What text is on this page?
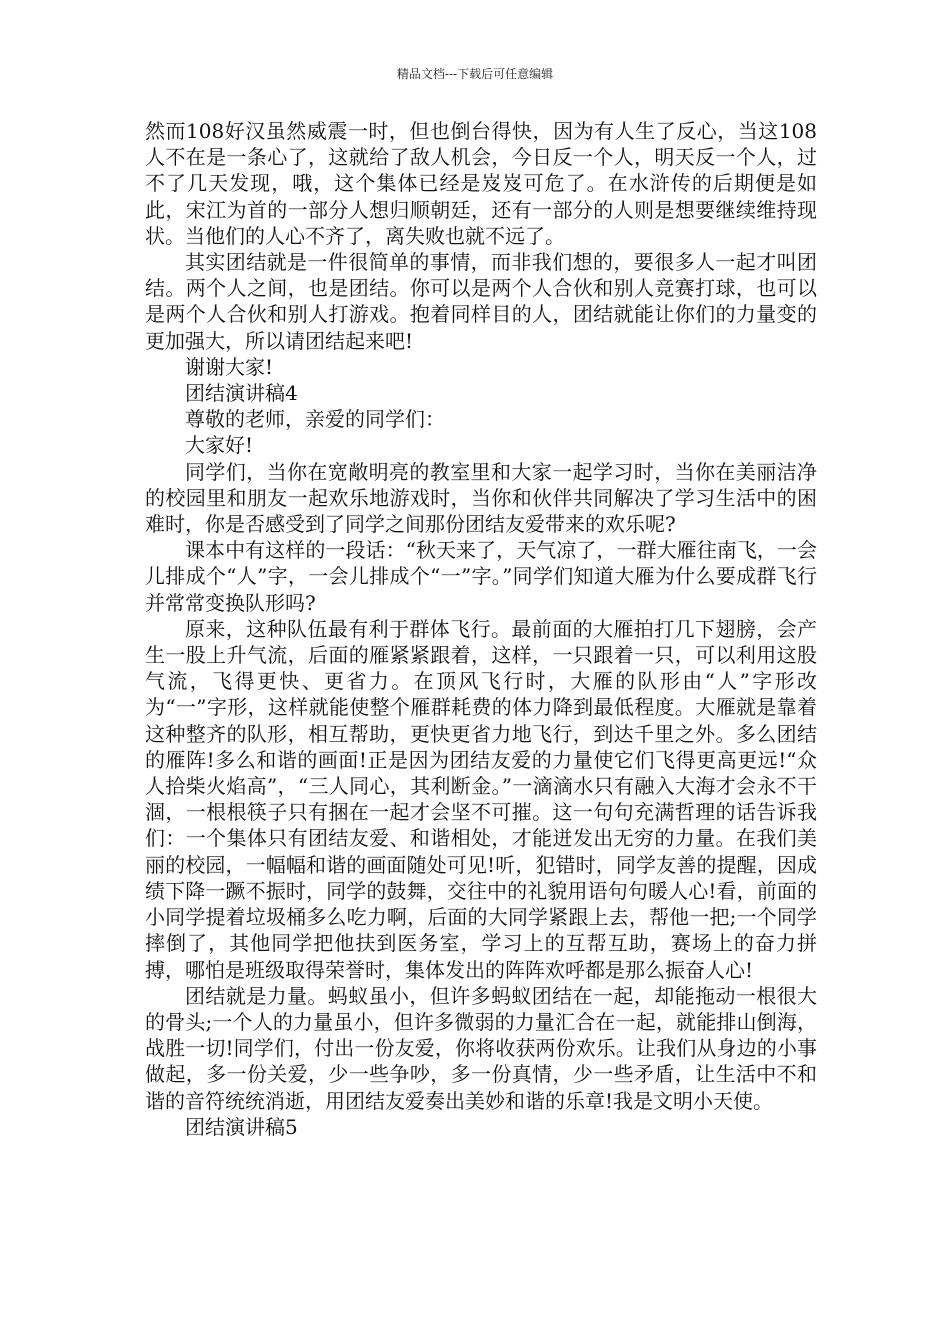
精品文档---下载后可任意编辑

然而108好汉虽然威震一时，但也倒台得快，因为有人生了反心，当这108人不在是一条心了，这就给了敌人机会，今日反一个人，明天反一个人，过不了几天发现，哦，这个集体已经是岌岌可危了。在水浒传的后期便是如此，宋江为首的一部分人想归顺朝廷，还有一部分的人则是想要继续维持现状。当他们的人心不齐了，离失败也就不远了。

其实团结就是一件很简单的事情，而非我们想的，要很多人一起才叫团结。两个人之间，也是团结。你可以是两个人合伙和别人竞赛打球，也可以是两个人合伙和别人打游戏。抱着同样目的人，团结就能让你们的力量变的更加强大，所以请团结起来吧!

谢谢大家!

团结演讲稿4

尊敬的老师，亲爱的同学们：

大家好!

同学们，当你在宽敞明亮的教室里和大家一起学习时，当你在美丽洁净的校园里和朋友一起欢乐地游戏时，当你和伙伴共同解决了学习生活中的困难时，你是否感受到了同学之间那份团结友爱带来的欢乐呢?

课本中有这样的一段话：“秋天来了，天气凉了，一群大雁往南飞，一会儿排成个“人”字，一会儿排成个“一”字。”同学们知道大雁为什么要成群飞行并常常变换队形吗?

原来，这种队伍最有利于群体飞行。最前面的大雁拍打几下翅膀，会产生一股上升气流，后面的雁紧紧跟着，这样，一只跟着一只，可以利用这股气流，飞得更快、更省力。在顶风飞行时，大雁的队形由“人”字形改为“一”字形，这样就能使整个雁群耗费的体力降到最低程度。大雁就是靠着这种整齐的队形，相互帮助，更快更省力地飞行，到达千里之外。多么团结的雁阵!多么和谐的画面!正是因为团结友爱的力量使它们飞得更高更远!“众人拾柴火焰高”，“三人同心，其利断金。”一滴滴水只有融入大海才会永不干涸，一根根筷子只有捆在一起才会坚不可摧。这一句句充满哲理的话告诉我们：一个集体只有团结友爱、和谐相处，才能迸发出无穷的力量。在我们美丽的校园，一幅幅和谐的画面随处可见!听，犯错时，同学友善的提醒，因成绩下降一蹶不振时，同学的鼓舞，交往中的礼貌用语句句暖人心!看，前面的小同学提着垃圾桶多么吃力啊，后面的大同学紧跟上去，帮他一把;一个同学摔倒了，其他同学把他扶到医务室，学习上的互帮互助，赛场上的奋力拼搏，哪怕是班级取得荣誉时，集体发出的阵阵欢呼都是那么振奋人心!

团结就是力量。蚂蚁虽小，但许多蚂蚁团结在一起，却能拖动一根很大的骨头;一个人的力量虽小，但许多微弱的力量汇合在一起，就能排山倒海，战胜一切!同学们，付出一份友爱，你将收获两份欢乐。让我们从身边的小事做起，多一份关爱，少一些争吵，多一份真情，少一些矛盾，让生活中不和谐的音符统统消逝，用团结友爱奏出美妙和谐的乐章!我是文明小天使。

团结演讲稿5
